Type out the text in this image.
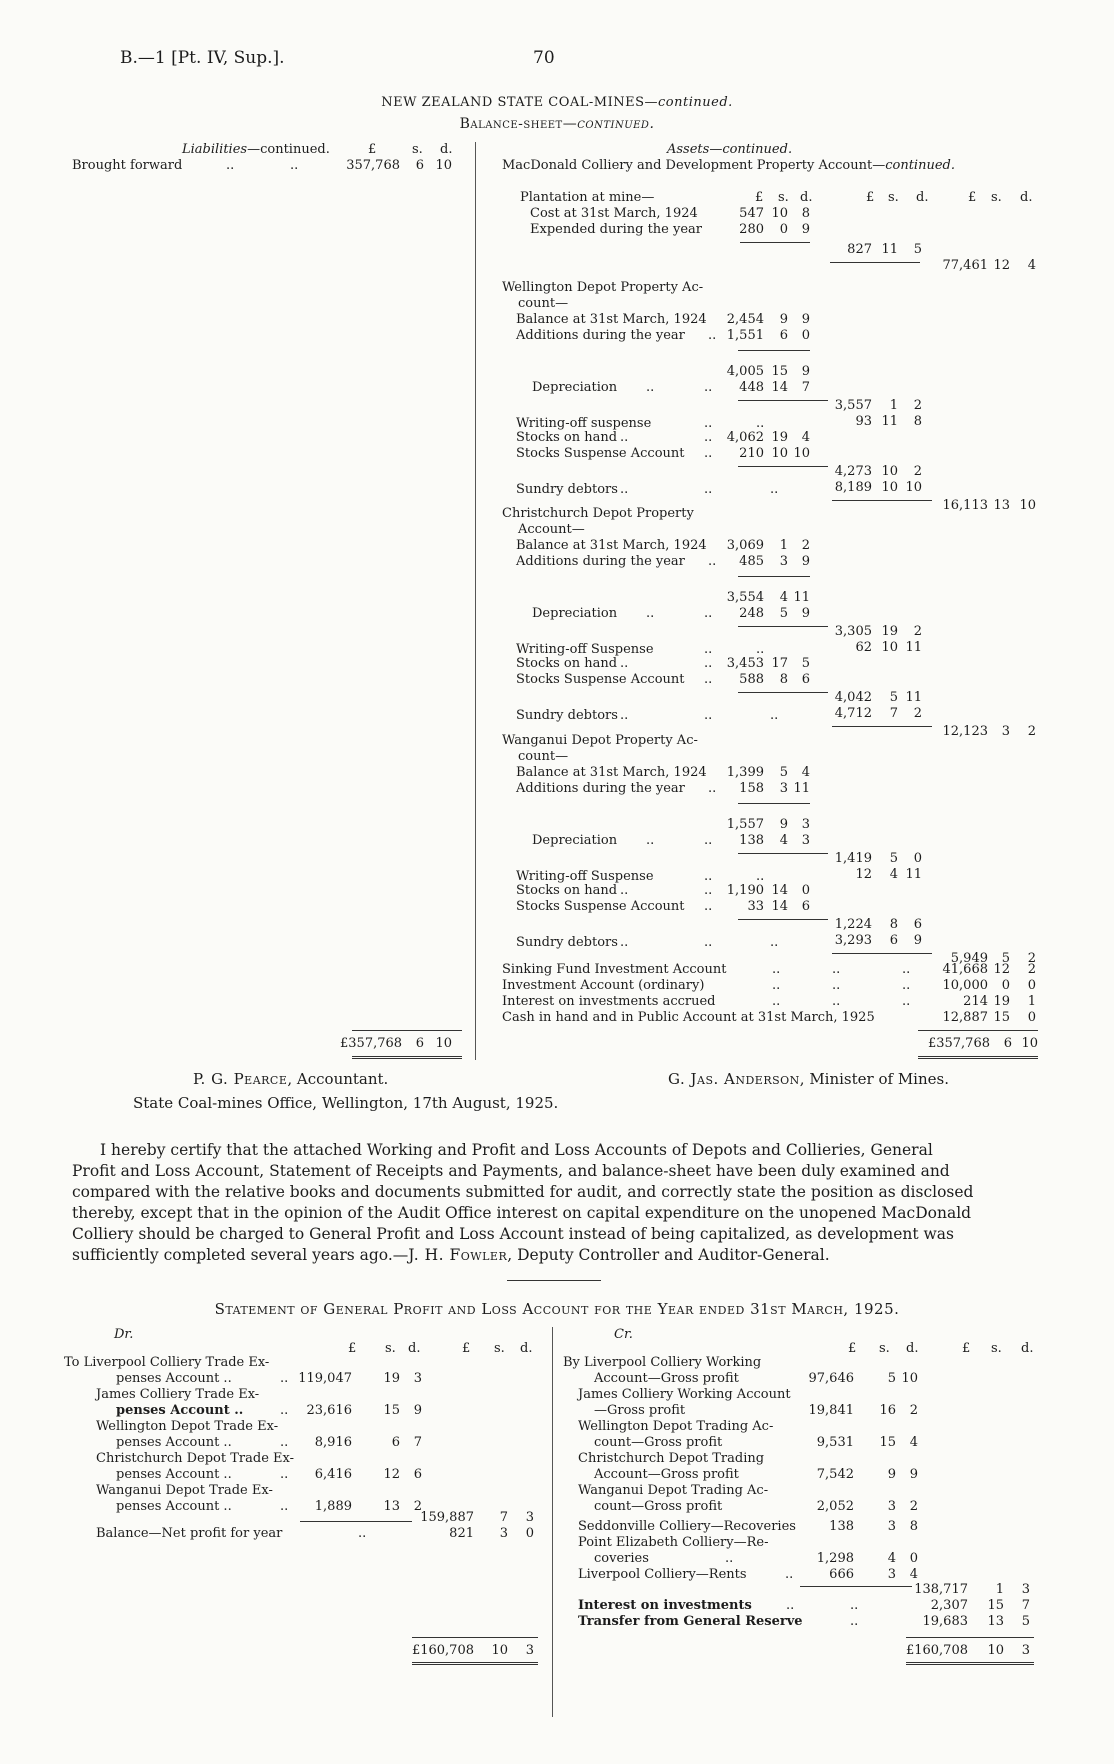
B.—1 [Pt. IV, Sup.].	70
NEW ZEALAND STATE COAL-MINES—continued.
Balance-sheet—continued.
Liabilities—continued.	£	s. d.
Brought forward	..	..	357,768	6 10
£357,768	6 10
Assets—continued.
MacDonald Colliery and Development Property Account—continued.
£ s. d.	£ s. d.	£ s. d.
Plantation at mine—
Cost at 31st March, 1924	547 10	8
Expended during the year	280	0	9
827 11	5
77,461 12	4
Wellington Depot Property Ac-
count—
Balance at 31st March, 1924	2,454	9	9
Additions during the year .. 1,551	6	0
4,005 15	9
Depreciation ..	..	448 14	7
3,557	1	2
Writing-off suspense	..	..	93 11	8
Stocks on hand ..	..	4,062 19	4
Stocks Suspense Account ..	210 10 10
4,273 10	2
Sundry debtors ..	..	..	8,189 10 10
16,113 13 10
Christchurch Depot Property
Account—
Balance at 31st March, 1924	3,069	1	2
Additions during the year ..	485	3	9
3,554	4 11
Depreciation ..	..	248	5	9
3,305 19	2
Writing-off Suspense	..	..	62 10 11
Stocks on hand ..	..	3,453 17	5
Stocks Suspense Account ..	588	8	6
4,042	5 11
Sundry debtors ..	..	..	4,712	7	2
12,123	3	2
Wanganui Depot Property Ac-
count—
Balance at 31st March, 1924	1,399	5	4
Additions during the year ..	158	3 11
1,557	9	3
Depreciation ..	..	138	4	3
1,419	5	0
Writing-off Suspense	..	..	12	4 11
Stocks on hand ..	..	1,190 14	0
Stocks Suspense Account ..	33 14	6
1,224	8	6
Sundry debtors ..	..	..	3,293	6	9
5,949	5	2
Sinking Fund Investment Account	..	..	..	41,668 12	2
Investment Account (ordinary)	..	..	..	10,000	0	0
Interest on investments accrued	..	..	..	214 19	1
Cash in hand and in Public Account at 31st March, 1925	12,887 15	0
£357,768	6 10
P. G. Pearce, Accountant.	G. Jas. Anderson, Minister of Mines.
State Coal-mines Office, Wellington, 17th August, 1925.
I hereby certify that the attached Working and Profit and Loss Accounts of Depots and Collieries, General
Profit and Loss Account, Statement of Receipts and Payments, and balance-sheet have been duly examined and
compared with the relative books and documents submitted for audit, and correctly state the position as disclosed
thereby, except that in the opinion of the Audit Office interest on capital expenditure on the unopened MacDonald
Colliery should be charged to General Profit and Loss Account instead of being capitalized, as development was
sufficiently completed several years ago.—J. H. Fowler, Deputy Controller and Auditor-General.
Statement of General Profit and Loss Account for the Year ended 31st March, 1925.
Dr.	Cr.
£ s. d.	£ s. d.	£ s. d.	£ s. d.
To Liverpool Colliery Trade Ex-
penses Account ..	.. 119,047	19	3
James Colliery Trade Ex-
penses Account ..	..	23,616	15	9
Wellington Depot Trade Ex-
penses Account ..	..	8,916	6	7
Christchurch Depot Trade Ex-
penses Account ..	..	6,416	12	6
Wanganui Depot Trade Ex-
penses Account ..	..	1,889	13	2
159,887	7	3
Balance—Net profit for year	..	821	3	0
£160,708	10	3
By Liverpool Colliery Working
Account—Gross profit	97,646	5 10
James Colliery Working Account
—Gross profit	19,841	16	2
Wellington Depot Trading Ac-
count—Gross profit	9,531	15	4
Christchurch Depot Trading
Account—Gross profit	7,542	9	9
Wanganui Depot Trading Ac-
count—Gross profit	2,052	3	2
Seddonville Colliery—Recoveries	138	3	8
Point Elizabeth Colliery—Re-
coveries	..	1,298	4	0
Liverpool Colliery—Rents	..	666	3	4
138,717	1	3
Interest on investments	..	..	2,307	15	7
Transfer from General Reserve	..	19,683	13	5
£160,708	10	3
